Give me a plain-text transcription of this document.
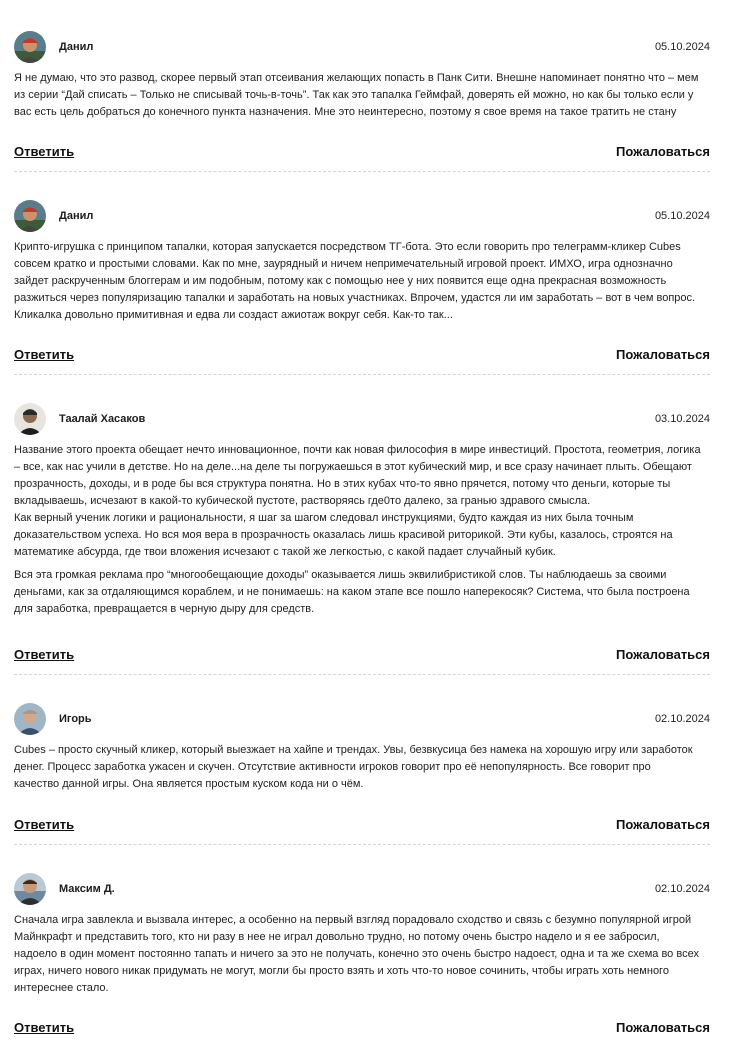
Данил	05.10.2024

Я не думаю, что это развод, скорее первый этап отсеивания желающих попасть в Панк Сити. Внешне напоминает понятно что – мем
из серии “Дай списать – Только не списывай точь-в-точь”. Так как это тапалка Геймфай, доверять ей можно, но как бы только если у
вас есть цель добраться до конечного пункта назначения. Мне это неинтересно, поэтому я свое время на такое тратить не стану

Ответить	Пожаловаться
Данил	05.10.2024

Крипто-игрушка с принципом тапалки, которая запускается посредством ТГ-бота. Это если говорить про телеграмм-кликер Cubes
совсем кратко и простыми словами. Как по мне, заурядный и ничем непримечательный игровой проект. ИМХО, игра однозначно
зайдет раскрученным блоггерам и им подобным, потому как с помощью нее у них появится еще одна прекрасная возможность
разжиться через популяризацию тапалки и заработать на новых участниках. Впрочем, удастся ли им заработать – вот в чем вопрос.
Кликалка довольно примитивная и едва ли создаст ажиотаж вокруг себя. Как-то так...

Ответить	Пожаловаться
Таалай Хасаков	03.10.2024

Название этого проекта обещает нечто инновационное, почти как новая философия в мире инвестиций. Простота, геометрия, логика
– все, как нас учили в детстве. Но на деле...на деле ты погружаешься в этот кубический мир, и все сразу начинает плыть. Обещают
прозрачность, доходы, и в роде бы вся структура понятна. Но в этих кубах что-то явно прячется, потому что деньги, которые ты
вкладываешь, исчезают в какой-то кубической пустоте, растворяясь где0то далеко, за гранью здравого смысла.
Как верный ученик логики и рациональности, я шаг за шагом следовал инструкциями, будто каждая из них была точным
доказательством успеха. Но вся моя вера в прозрачность оказалась лишь красивой риторикой. Эти кубы, казалось, строятся на
математике абсурда, где твои вложения исчезают с такой же легкостью, с какой падает случайный кубик.

Вся эта громкая реклама про “многообещающие доходы” оказывается лишь эквилибристикой слов. Ты наблюдаешь за своими
деньгами, как за отдаляющимся кораблем, и не понимаешь: на каком этапе все пошло наперекосяк? Система, что была построена
для заработка, превращается в черную дыру для средств.

Ответить	Пожаловаться
Игорь	02.10.2024

Cubes – просто скучный кликер, который выезжает на хайпе и трендах. Увы, безвкусица без намека на хорошую игру или заработок
денег. Процесс заработка ужасен и скучен. Отсутствие активности игроков говорит про её непопулярность. Все говорит про
качество данной игры. Она является простым куском кода ни о чём.

Ответить	Пожаловаться
Максим Д.	02.10.2024

Сначала игра завлекла и вызвала интерес, а особенно на первый взгляд порадовало сходство и связь с безумно популярной игрой
Майнкрафт и представить того, кто ни разу в нее не играл довольно трудно, но потому очень быстро надело и я ее забросил,
надоело в один момент постоянно тапать и ничего за это не получать, конечно это очень быстро надоест, одна и та же схема во всех
играх, ничего нового никак придумать не могут, могли бы просто взять и хоть что-то новое сочинить, чтобы играть хоть немного
интереснее стало.

Ответить	Пожаловаться
